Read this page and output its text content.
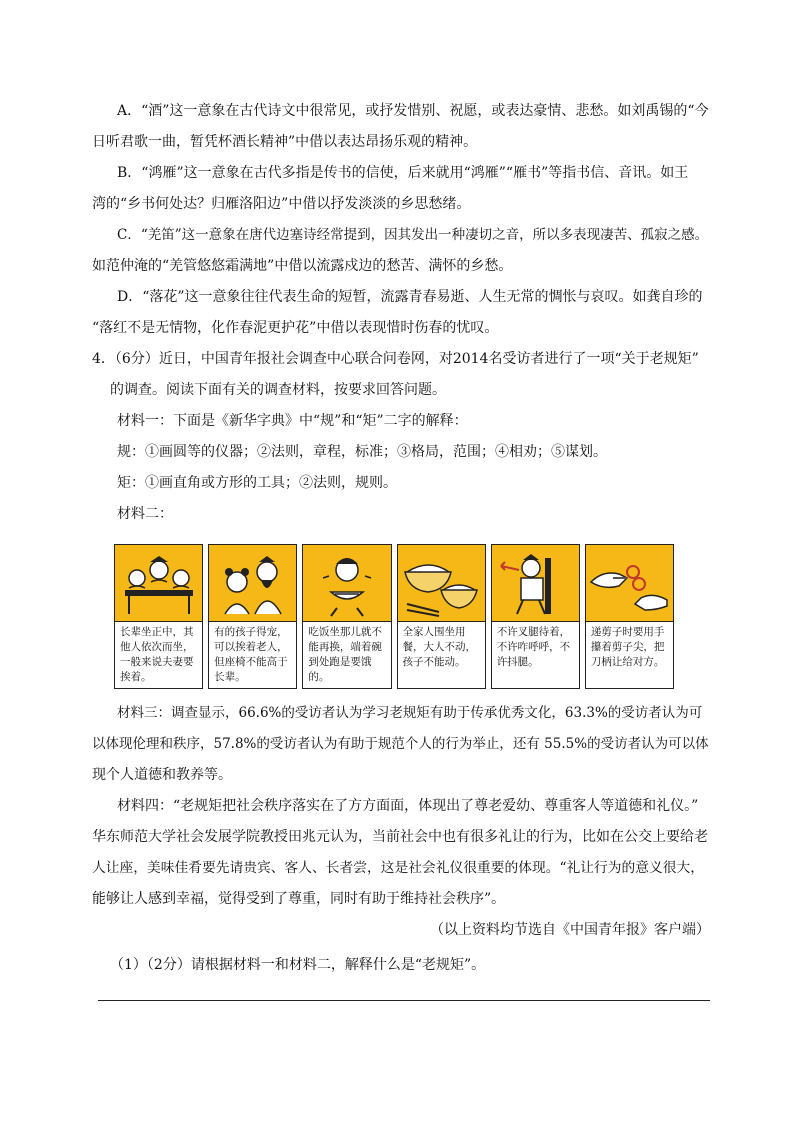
A．“酒”这一意象在古代诗文中很常见，或抒发惜别、祝愿，或表达豪情、悲愁。如刘禹锡的“今

日听君歌一曲，暂凭杯酒长精神”中借以表达昂扬乐观的精神。

B．“鸿雁”这一意象在古代多指是传书的信使，后来就用“鸿雁”“雁书”等指书信、音讯。如王

湾的“乡书何处达？归雁洛阳边”中借以抒发淡淡的乡思愁绪。

C．“羌笛”这一意象在唐代边塞诗经常提到，因其发出一种凄切之音，所以多表现凄苦、孤寂之感。

如范仲淹的“羌管悠悠霜满地”中借以流露戍边的愁苦、满怀的乡愁。

D．“落花”这一意象往往代表生命的短暂，流露青春易逝、人生无常的惆怅与哀叹。如龚自珍的

“落红不是无情物，化作春泥更护花”中借以表现惜时伤春的忧叹。

4．（6分）近日，中国青年报社会调查中心联合问卷网，对2014名受访者进行了一项“关于老规矩”

的调查。阅读下面有关的调查材料，按要求回答问题。

材料一：下面是《新华字典》中“规”和“矩”二字的解释：

规：①画圆等的仪器；②法则，章程，标准；③格局，范围；④相劝；⑤谋划。

矩：①画直角或方形的工具；②法则，规则。

材料二：

长辈坐正中，其他人依次而坐，一般来说夫妻要挨着。
有的孩子得宠，可以挨着老人，但座椅不能高于长辈。
吃饭坐那儿就不能再换，端着碗到处跑是要饿的。
全家人围坐用餐，大人不动，孩子不能动。
不许叉腿待着，不许咋呼呼，不许抖腿。
递剪子时要用手攥着剪子尖，把刀柄让给对方。

材料三：调查显示，66.6%的受访者认为学习老规矩有助于传承优秀文化，63.3%的受访者认为可

以体现伦理和秩序，57.8%的受访者认为有助于规范个人的行为举止，还有 55.5%的受访者认为可以体

现个人道德和教养等。

材料四：“老规矩把社会秩序落实在了方方面面，体现出了尊老爱幼、尊重客人等道德和礼仪。”

华东师范大学社会发展学院教授田兆元认为，当前社会中也有很多礼让的行为，比如在公交上要给老

人让座，美味佳肴要先请贵宾、客人、长者尝，这是社会礼仪很重要的体现。“礼让行为的意义很大，

能够让人感到幸福，觉得受到了尊重，同时有助于维持社会秩序”。

（以上资料均节选自《中国青年报》客户端）

（1）（2分）请根据材料一和材料二，解释什么是“老规矩”。
